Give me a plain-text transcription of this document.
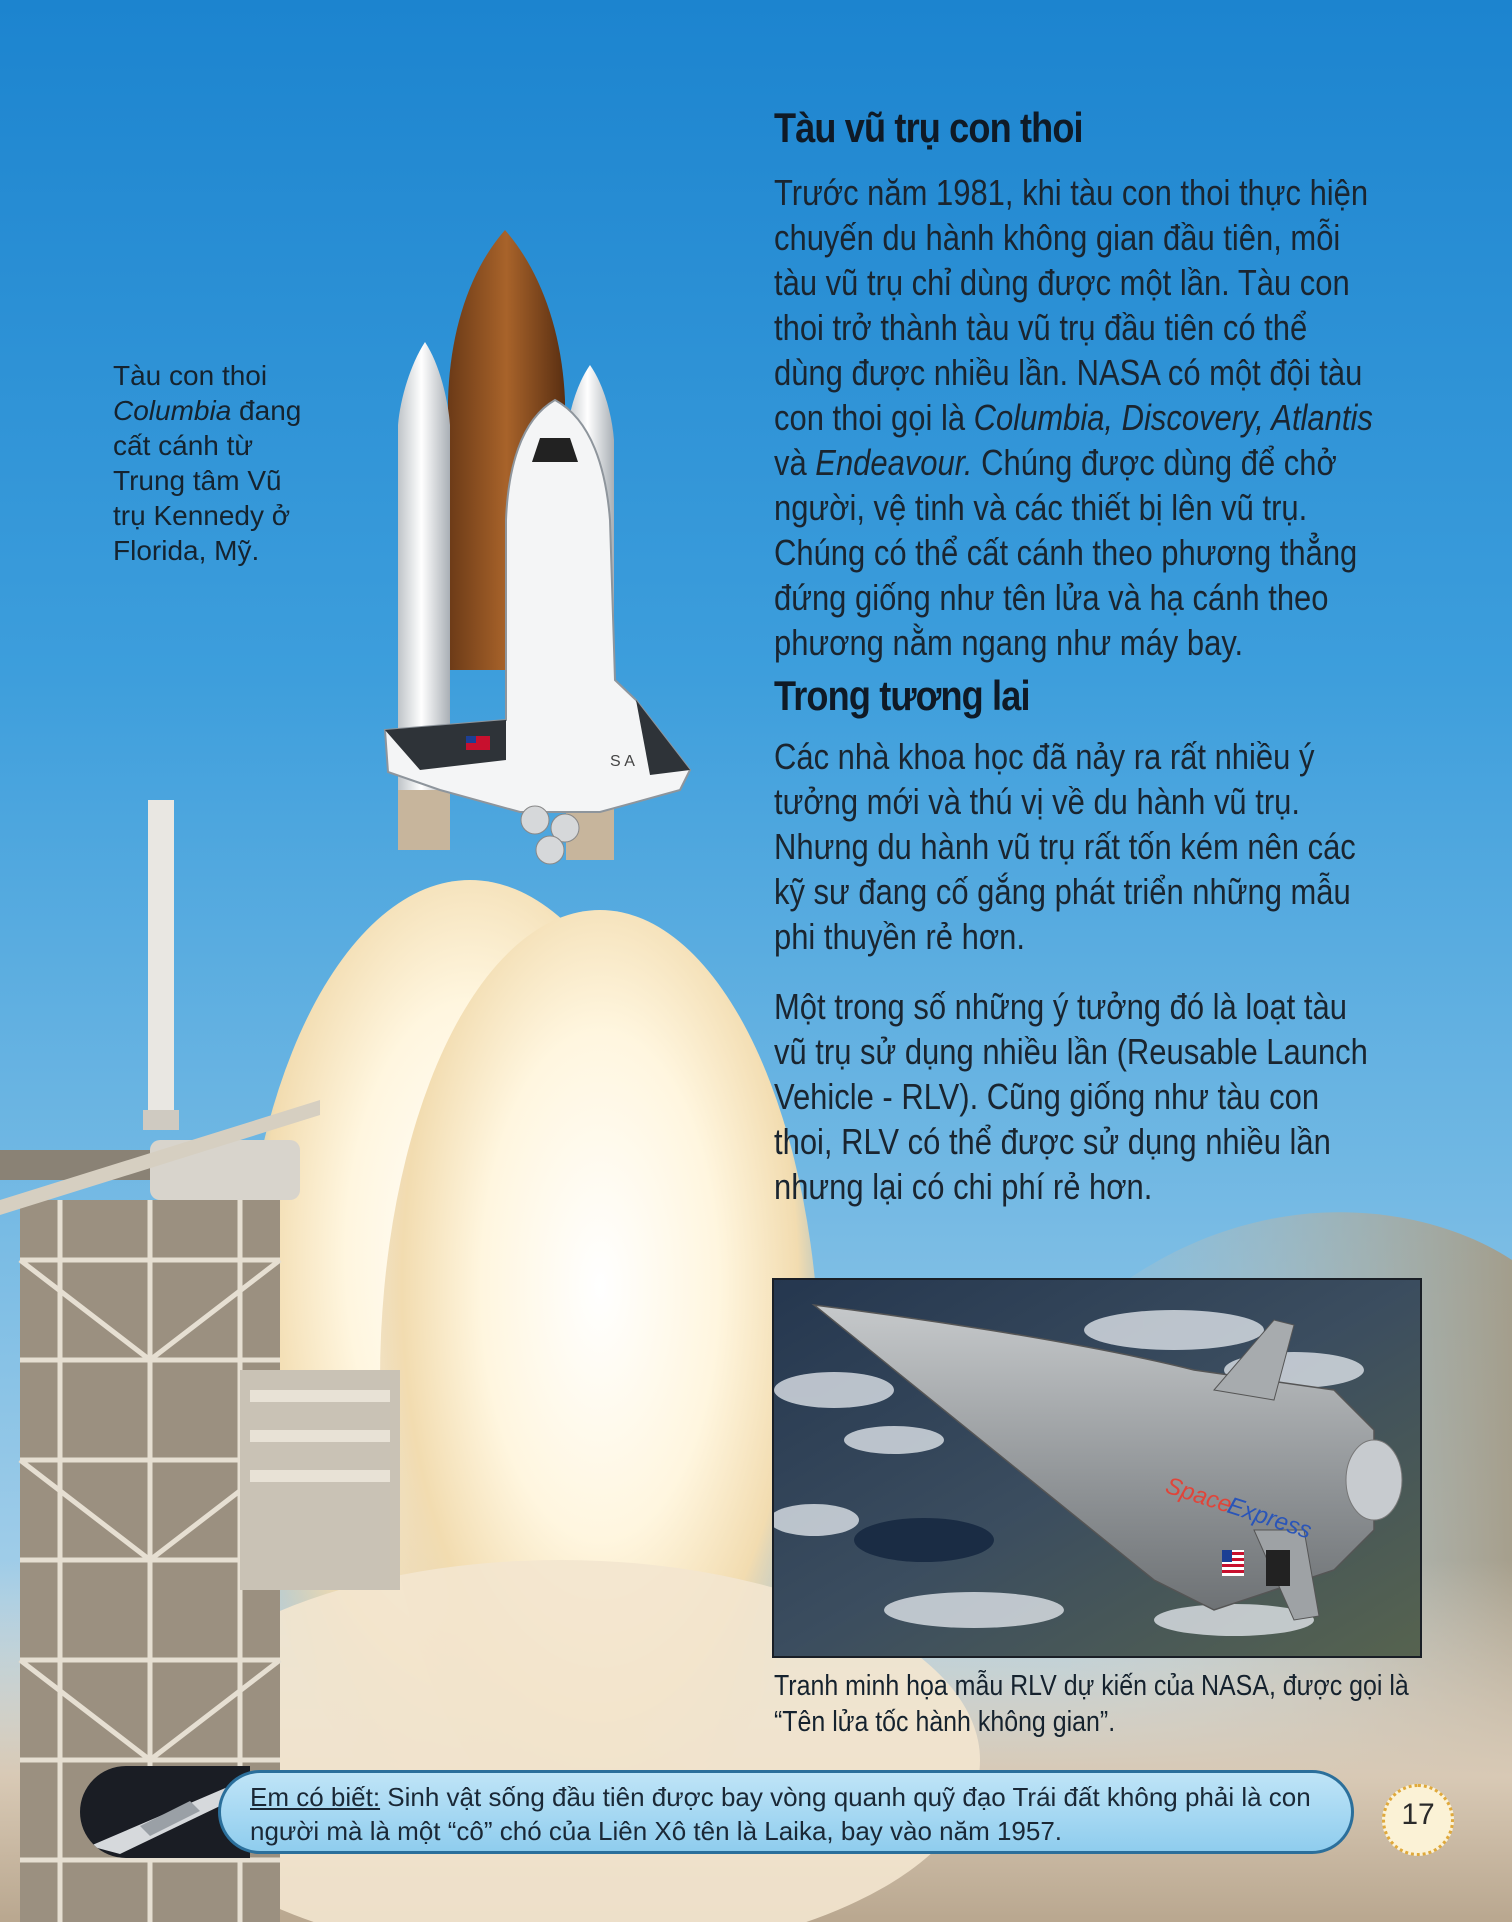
S A
Tàu con thoi
Columbia đang cất cánh từ Trung tâm Vũ trụ Kennedy ở Florida, Mỹ.
Tàu vũ trụ con thoi
Trước năm 1981, khi tàu con thoi thực hiện chuyến du hành không gian đầu tiên, mỗi tàu vũ trụ chỉ dùng được một lần. Tàu con thoi trở thành tàu vũ trụ đầu tiên có thể dùng được nhiều lần. NASA có một đội tàu con thoi gọi là Columbia, Discovery, Atlantis và Endeavour. Chúng được dùng để chở người, vệ tinh và các thiết bị lên vũ trụ. Chúng có thể cất cánh theo phương thẳng đứng giống như tên lửa và hạ cánh theo phương nằm ngang như máy bay.
Trong tương lai
Các nhà khoa học đã nảy ra rất nhiều ý tưởng mới và thú vị về du hành vũ trụ. Nhưng du hành vũ trụ rất tốn kém nên các kỹ sư đang cố gắng phát triển những mẫu phi thuyền rẻ hơn.
Một trong số những ý tưởng đó là loạt tàu vũ trụ sử dụng nhiều lần (Reusable Launch Vehicle - RLV). Cũng giống như tàu con thoi, RLV có thể được sử dụng nhiều lần nhưng lại có chi phí rẻ hơn.
Space
Express
Tranh minh họa mẫu RLV dự kiến của NASA, được gọi là “Tên lửa tốc hành không gian”.
Em có biết: Sinh vật sống đầu tiên được bay vòng quanh quỹ đạo Trái đất không phải là con người mà là một “cô” chó của Liên Xô tên là Laika, bay vào năm 1957.	17
